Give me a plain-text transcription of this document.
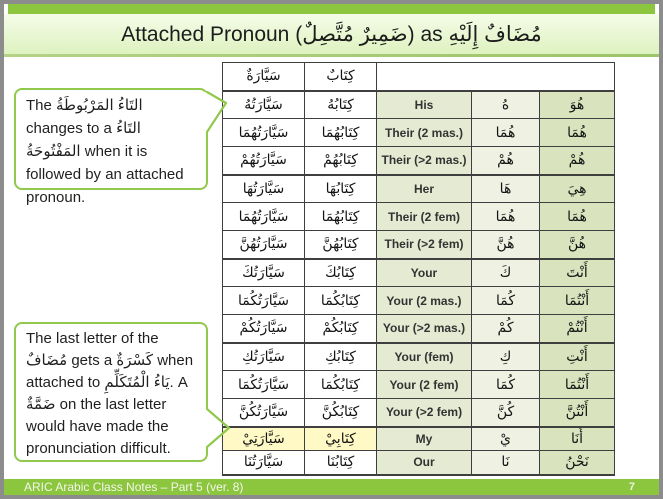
Attached Pronoun (ضَمِيرٌ مُتَّصِلٌ) as مُضَافٌ إِلَيْهِ
The التَاءُ المَرْبُوطَةُ changes to a التَاءُ المَفْتُوحَةُ when it is followed by an attached pronoun.
The last letter of the مُضَافٌ gets a كَسْرَةٌ when attached to يَاءُ الْمُتَكَلِّمِ. A ضَمَّةٌ on the last letter would have made the pronunciation difficult.
سَيَّارَةٌ	كِتَابٌ			
سَيَّارَتُهُ	كِتَابُهُ	His	هُ	هُوَ
سَيَّارَتُهُمَا	كِتَابُهُمَا	Their (2 mas.)	هُمَا	هُمَا
سَيَّارَتُهُمْ	كِتَابُهُمْ	Their (>2 mas.)	هُمْ	هُمْ
سَيَّارَتُهَا	كِتَابُهَا	Her	هَا	هِيَ
سَيَّارَتُهُمَا	كِتَابُهُمَا	Their (2 fem)	هُمَا	هُمَا
سَيَّارَتُهُنَّ	كِتَابُهُنَّ	Their (>2 fem)	هُنَّ	هُنَّ
سَيَّارَتُكَ	كِتَابُكَ	Your	كَ	أَنْتَ
سَيَّارَتُكُمَا	كِتَابُكُمَا	Your (2 mas.)	كُمَا	أَنْتُمَا
سَيَّارَتُكُمْ	كِتَابُكُمْ	Your (>2 mas.)	كُمْ	أَنْتُمْ
سَيَّارَتُكِ	كِتَابُكِ	Your (fem)	كِ	أَنْتِ
سَيَّارَتُكُمَا	كِتَابُكُمَا	Your (2 fem)	كُمَا	أَنْتُمَا
سَيَّارَتُكُنَّ	كِتَابُكُنَّ	Your (>2 fem)	كُنَّ	أَنْتُنَّ
سَيَّارَتِيْ	كِتَابِيْ	My	يْ	أَنَا
سَيَّارَتُنَا	كِتَابُنَا	Our	نَا	نَحْنُ
ARIC Arabic Class Notes – Part 5 (ver. 8)	7
